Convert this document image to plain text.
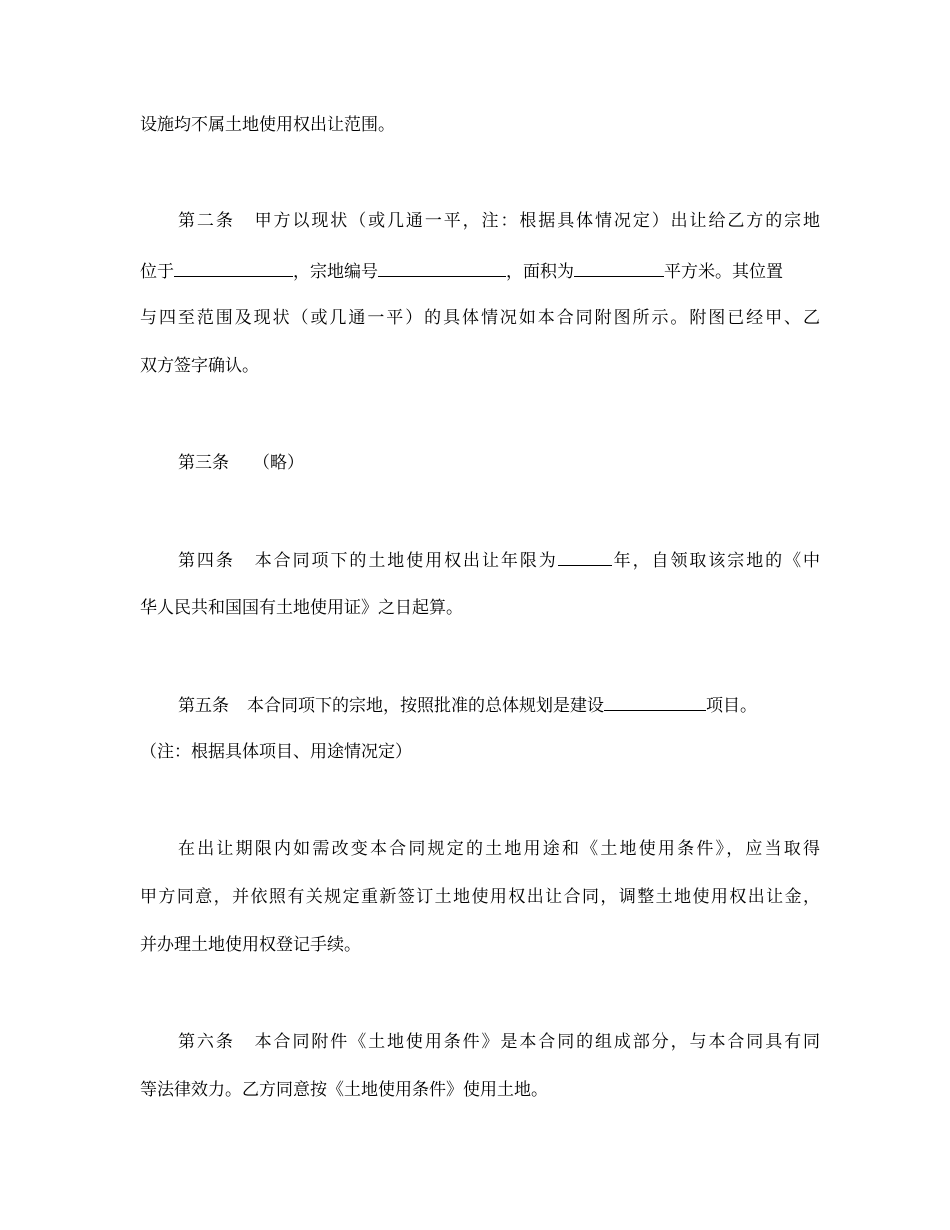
设施均不属土地使用权出让范围。
第二条 甲方以现状（或几通一平，注：根据具体情况定）出让给乙方的宗地
位于	，宗地编号	，面积为	平方米。其位置
与四至范围及现状（或几通一平）的具体情况如本合同附图所示。附图已经甲、乙
双方签字确认。
第三条 （略）
第四条 本合同项下的土地使用权出让年限为	年，自领取该宗地的《中
华人民共和国国有土地使用证》之日起算。
第五条 本合同项下的宗地，按照批准的总体规划是建设	项目。
（注：根据具体项目、用途情况定）
在出让期限内如需改变本合同规定的土地用途和《土地使用条件》，应当取得
甲方同意，并依照有关规定重新签订土地使用权出让合同，调整土地使用权出让金，
并办理土地使用权登记手续。
第六条 本合同附件《土地使用条件》是本合同的组成部分，与本合同具有同
等法律效力。乙方同意按《土地使用条件》使用土地。
